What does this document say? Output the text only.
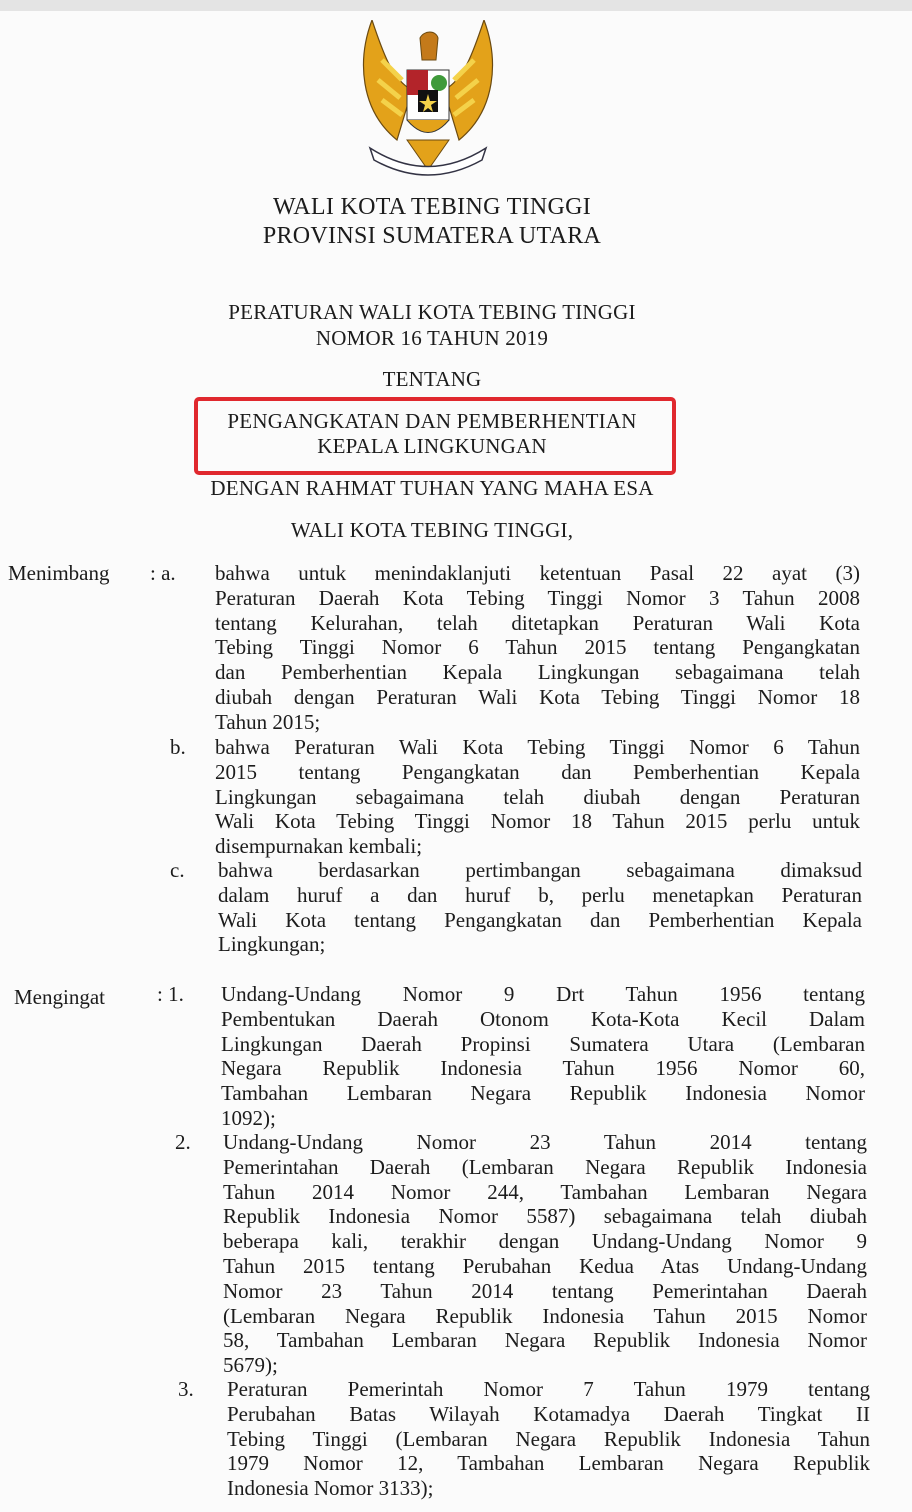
WALI KOTA TEBING TINGGI
PROVINSI SUMATERA UTARA
PERATURAN WALI KOTA TEBING TINGGI
NOMOR 16 TAHUN 2019
TENTANG
PENGANGKATAN DAN PEMBERHENTIAN
KEPALA LINGKUNGAN
DENGAN RAHMAT TUHAN YANG MAHA ESA
WALI KOTA TEBING TINGGI,
Menimbang
Mengingat
: a. bahwa untuk menindaklanjuti ketentuan Pasal 22 ayat (3)
Peraturan Daerah Kota Tebing Tinggi Nomor 3 Tahun 2008
tentang Kelurahan, telah ditetapkan Peraturan Wali Kota
Tebing Tinggi Nomor 6 Tahun 2015 tentang Pengangkatan
dan Pemberhentian Kepala Lingkungan sebagaimana telah
diubah dengan Peraturan Wali Kota Tebing Tinggi Nomor 18
Tahun 2015;
b. bahwa Peraturan Wali Kota Tebing Tinggi Nomor 6 Tahun
2015 tentang Pengangkatan dan Pemberhentian Kepala
Lingkungan sebagaimana telah diubah dengan Peraturan
Wali Kota Tebing Tinggi Nomor 18 Tahun 2015 perlu untuk
disempurnakan kembali;
c. bahwa berdasarkan pertimbangan sebagaimana dimaksud
dalam huruf a dan huruf b, perlu menetapkan Peraturan
Wali Kota tentang Pengangkatan dan Pemberhentian Kepala
Lingkungan;
: 1. Undang-Undang Nomor 9 Drt Tahun 1956 tentang
Pembentukan Daerah Otonom Kota-Kota Kecil Dalam
Lingkungan Daerah Propinsi Sumatera Utara (Lembaran
Negara Republik Indonesia Tahun 1956 Nomor 60,
Tambahan Lembaran Negara Republik Indonesia Nomor
1092);
2. Undang-Undang Nomor 23 Tahun 2014 tentang
Pemerintahan Daerah (Lembaran Negara Republik Indonesia
Tahun 2014 Nomor 244, Tambahan Lembaran Negara
Republik Indonesia Nomor 5587) sebagaimana telah diubah
beberapa kali, terakhir dengan Undang-Undang Nomor 9
Tahun 2015 tentang Perubahan Kedua Atas Undang-Undang
Nomor 23 Tahun 2014 tentang Pemerintahan Daerah
(Lembaran Negara Republik Indonesia Tahun 2015 Nomor
58, Tambahan Lembaran Negara Republik Indonesia Nomor
5679);
3. Peraturan Pemerintah Nomor 7 Tahun 1979 tentang
Perubahan Batas Wilayah Kotamadya Daerah Tingkat II
Tebing Tinggi (Lembaran Negara Republik Indonesia Tahun
1979 Nomor 12, Tambahan Lembaran Negara Republik
Indonesia Nomor 3133);
